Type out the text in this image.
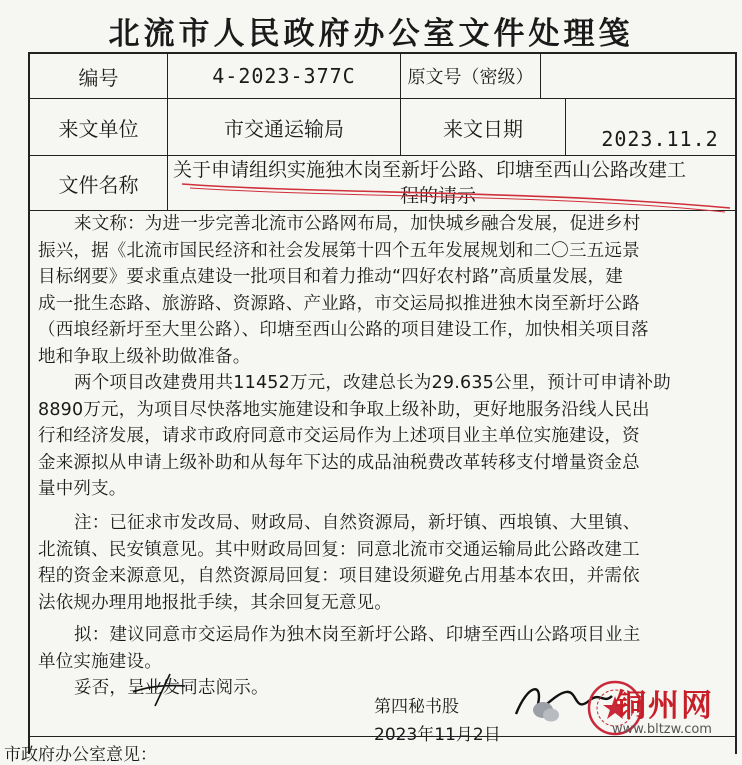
北流市人民政府办公室文件处理笺
编号	4-2023-377C	原文号（密级）
来文单位	市交通运输局	来文日期	2023.11.2
文件名称
关于申请组织实施独木岗至新圩公路、印塘至西山公路改建工
程的请示
来文称：为进一步完善北流市公路网布局，加快城乡融合发展，促进乡村
振兴，据《北流市国民经济和社会发展第十四个五年发展规划和二〇三五远景
目标纲要》要求重点建设一批项目和着力推动“四好农村路”高质量发展，建
成一批生态路、旅游路、资源路、产业路，市交运局拟推进独木岗至新圩公路
（西埌经新圩至大里公路）、印塘至西山公路的项目建设工作，加快相关项目落
地和争取上级补助做准备。
两个项目改建费用共11452万元，改建总长为29.635公里，预计可申请补助
8890万元，为项目尽快落地实施建设和争取上级补助，更好地服务沿线人民出
行和经济发展，请求市政府同意市交运局作为上述项目业主单位实施建设，资
金来源拟从申请上级补助和从每年下达的成品油税费改革转移支付增量资金总
量中列支。
注：已征求市发改局、财政局、自然资源局，新圩镇、西埌镇、大里镇、
北流镇、民安镇意见。其中财政局回复：同意北流市交通运输局此公路改建工
程的资金来源意见，自然资源局回复：项目建设须避免占用基本农田，并需依
法依规办理用地报批手续，其余回复无意见。
拟：建议同意市交运局作为独木岗至新圩公路、印塘至西山公路项目业主
单位实施建设。
妥否，呈业发同志阅示。
第四秘书股
2023年11月2日
市政府办公室意见：
铜州网
www.bltzw.com
